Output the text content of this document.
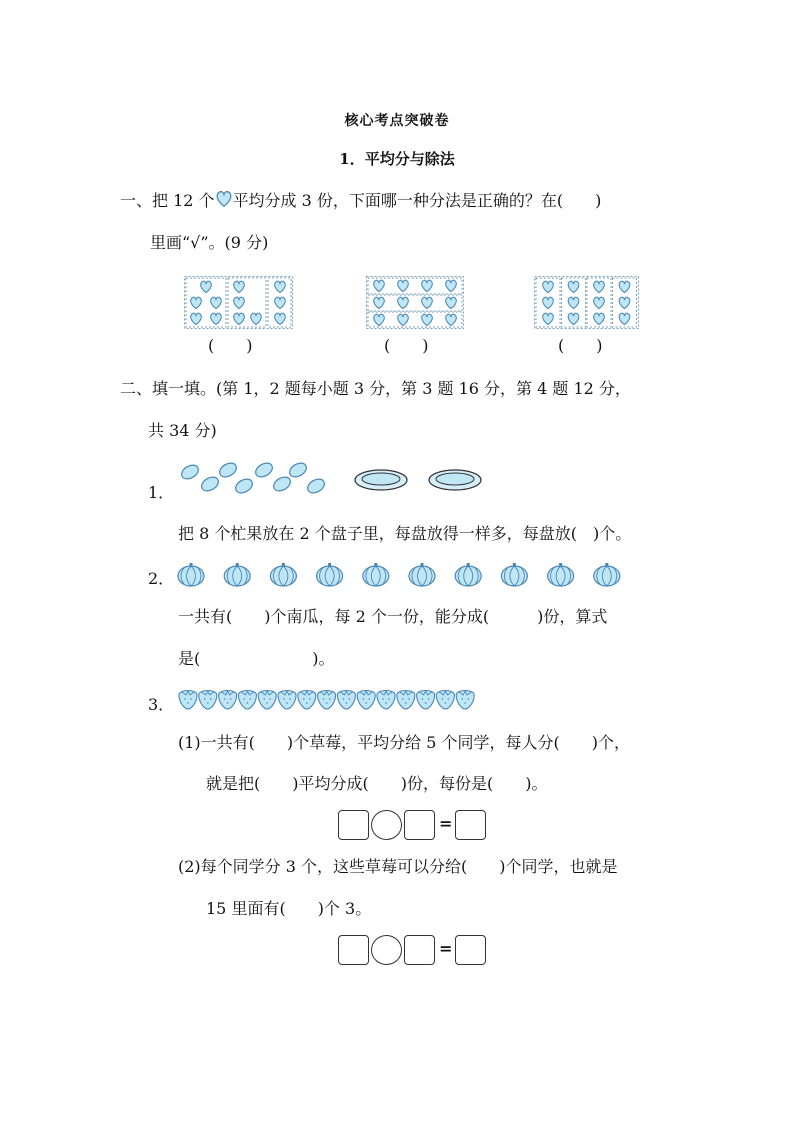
核心考点突破卷
1．平均分与除法
一、把 12 个 平均分成 3 份，下面哪一种分法是正确的？在(　　)
里画“√”。(9 分)
(　　)	(　　)	(　　)
二、填一填。(第 1，2 题每小题 3 分，第 3 题 16 分，第 4 题 12 分，
共 34 分)
1．
把 8 个杧果放在 2 个盘子里，每盘放得一样多，每盘放(　)个。
2．
一共有(　　)个南瓜，每 2 个一份，能分成(　　　)份，算式
是(　　　　　　　)。
3．
(1)一共有(　　)个草莓，平均分给 5 个同学，每人分(　　)个，
就是把(　　)平均分成(　　)份，每份是(　　)。
=
(2)每个同学分 3 个，这些草莓可以分给(　　)个同学，也就是
15 里面有(　　)个 3。
=
